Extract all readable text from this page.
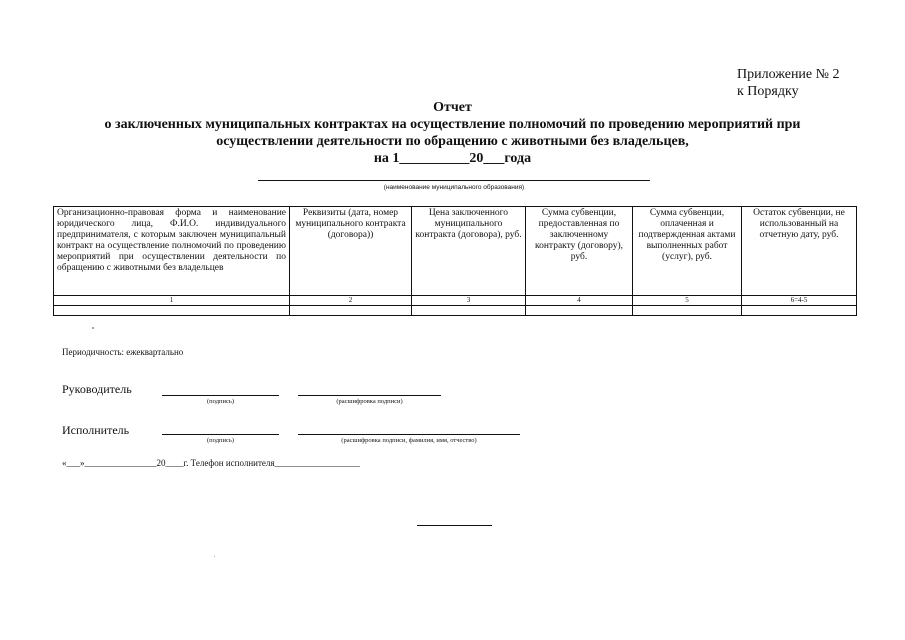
Приложение № 2
к Порядку
Отчет
о заключенных муниципальных контрактах на осуществление полномочий по проведению мероприятий при
осуществлении деятельности по обращению с животными без владельцев,
на 1__________20___года
(наименование муниципального образования)
Организационно-правовая форма и наименование юридического лица, Ф.И.О. индивидуального предпринимателя, с которым заключен муниципальный контракт на осуществление полномочий по проведению мероприятий при осуществлении деятельности по обращению с животными без владельцев	Реквизиты (дата, номер муниципального контракта (договора))	Цена заключенного муниципального контракта (договора), руб.	Сумма субвенции, предоставленная по заключенному контракту (договору), руб.	Сумма субвенции, оплаченная и подтвержденная актами выполненных работ (услуг), руб.	Остаток субвенции, не использованный на отчетную дату, руб.
1	2	3	4	5	6=4-5

Периодичность: ежеквартально
Руководитель
(подпись)	(расшифровка подписи)
Исполнитель
(подпись)	(расшифровка подписи, фамилия, имя, отчество)
«___»________________20____г. Телефон исполнителя___________________
